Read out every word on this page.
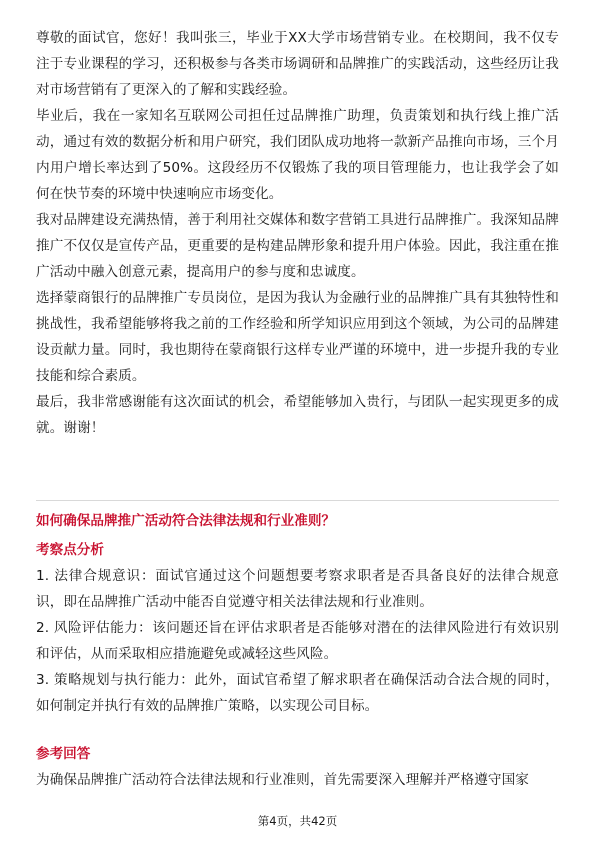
尊敬的面试官，您好！我叫张三，毕业于XX大学市场营销专业。在校期间，我不仅专注于专业课程的学习，还积极参与各类市场调研和品牌推广的实践活动，这些经历让我对市场营销有了更深入的了解和实践经验。

毕业后，我在一家知名互联网公司担任过品牌推广助理，负责策划和执行线上推广活动，通过有效的数据分析和用户研究，我们团队成功地将一款新产品推向市场，三个月内用户增长率达到了50%。这段经历不仅锻炼了我的项目管理能力，也让我学会了如何在快节奏的环境中快速响应市场变化。

我对品牌建设充满热情，善于利用社交媒体和数字营销工具进行品牌推广。我深知品牌推广不仅仅是宣传产品，更重要的是构建品牌形象和提升用户体验。因此，我注重在推广活动中融入创意元素，提高用户的参与度和忠诚度。

选择蒙商银行的品牌推广专员岗位，是因为我认为金融行业的品牌推广具有其独特性和挑战性，我希望能够将我之前的工作经验和所学知识应用到这个领域，为公司的品牌建设贡献力量。同时，我也期待在蒙商银行这样专业严谨的环境中，进一步提升我的专业技能和综合素质。

最后，我非常感谢能有这次面试的机会，希望能够加入贵行，与团队一起实现更多的成就。谢谢！

如何确保品牌推广活动符合法律法规和行业准则？

考察点分析

1. 法律合规意识：面试官通过这个问题想要考察求职者是否具备良好的法律合规意识，即在品牌推广活动中能否自觉遵守相关法律法规和行业准则。

2. 风险评估能力：该问题还旨在评估求职者是否能够对潜在的法律风险进行有效识别和评估，从而采取相应措施避免或减轻这些风险。

3. 策略规划与执行能力：此外，面试官希望了解求职者在确保活动合法合规的同时，如何制定并执行有效的品牌推广策略，以实现公司目标。

参考回答

为确保品牌推广活动符合法律法规和行业准则，首先需要深入理解并严格遵守国家

第4页，共42页
